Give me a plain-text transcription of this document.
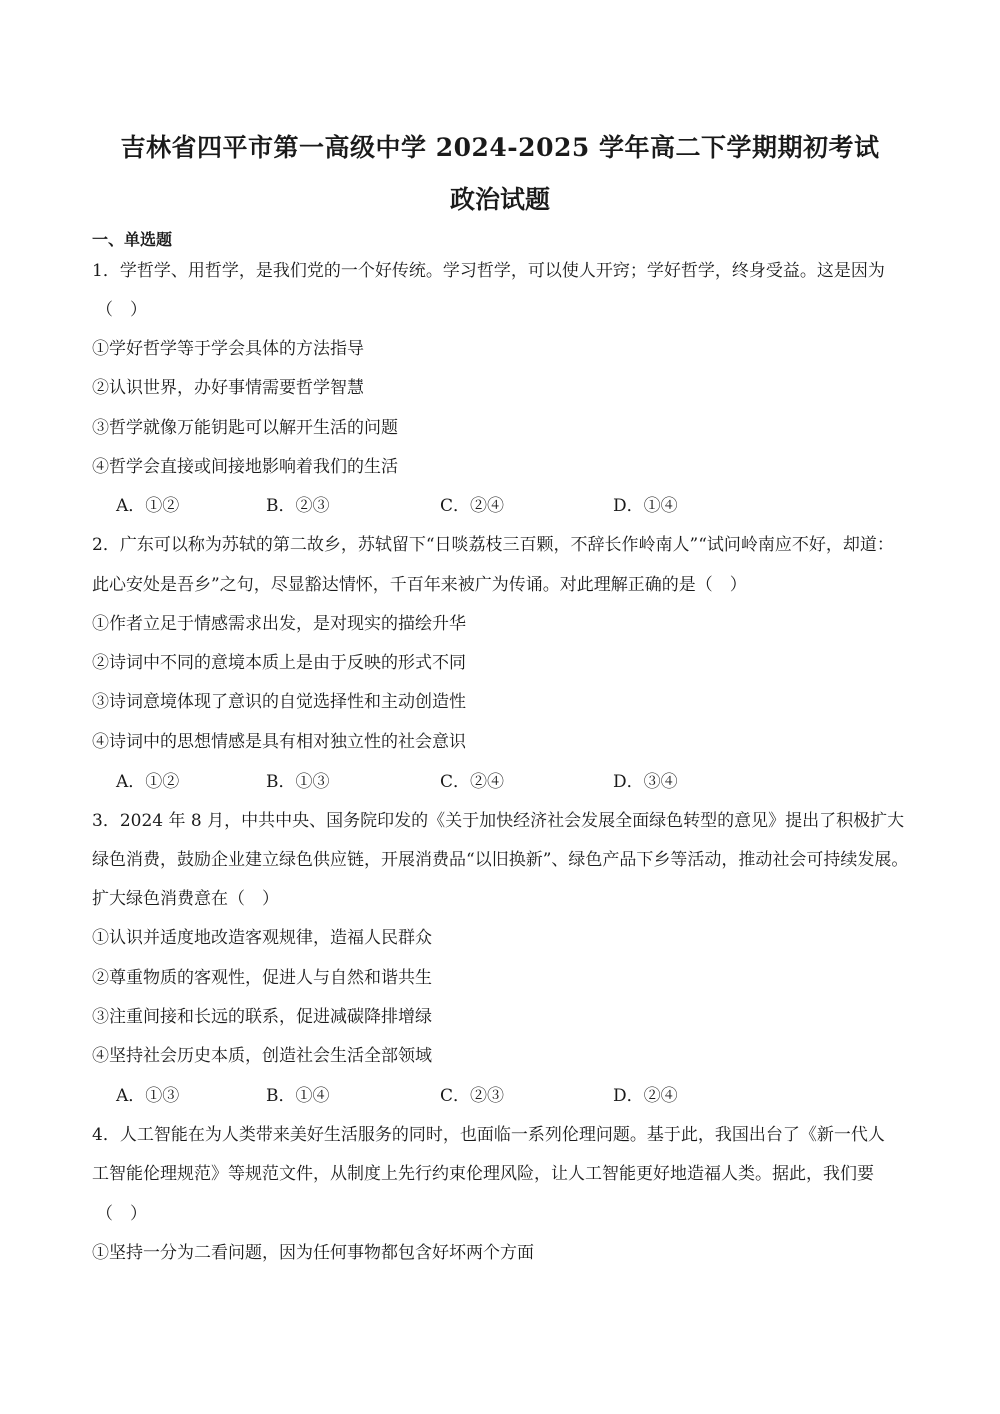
吉林省四平市第一高级中学 2024-2025 学年高二下学期期初考试
政治试题
一、单选题
1．学哲学、用哲学，是我们党的一个好传统。学习哲学，可以使人开窍；学好哲学，终身受益。这是因为
（　）
①学好哲学等于学会具体的方法指导
②认识世界，办好事情需要哲学智慧
③哲学就像万能钥匙可以解开生活的问题
④哲学会直接或间接地影响着我们的生活
A．①②	B．②③	C．②④	D．①④
2．广东可以称为苏轼的第二故乡，苏轼留下“日啖荔枝三百颗，不辞长作岭南人”“试问岭南应不好，却道：
此心安处是吾乡”之句，尽显豁达情怀，千百年来被广为传诵。对此理解正确的是（　）
①作者立足于情感需求出发，是对现实的描绘升华
②诗词中不同的意境本质上是由于反映的形式不同
③诗词意境体现了意识的自觉选择性和主动创造性
④诗词中的思想情感是具有相对独立性的社会意识
A．①②	B．①③	C．②④	D．③④
3．2024 年 8 月，中共中央、国务院印发的《关于加快经济社会发展全面绿色转型的意见》提出了积极扩大
绿色消费，鼓励企业建立绿色供应链，开展消费品“以旧换新”、绿色产品下乡等活动，推动社会可持续发展。
扩大绿色消费意在（　）
①认识并适度地改造客观规律，造福人民群众
②尊重物质的客观性，促进人与自然和谐共生
③注重间接和长远的联系，促进减碳降排增绿
④坚持社会历史本质，创造社会生活全部领域
A．①③	B．①④	C．②③	D．②④
4．人工智能在为人类带来美好生活服务的同时，也面临一系列伦理问题。基于此，我国出台了《新一代人
工智能伦理规范》等规范文件，从制度上先行约束伦理风险，让人工智能更好地造福人类。据此，我们要
（　）
①坚持一分为二看问题，因为任何事物都包含好坏两个方面
